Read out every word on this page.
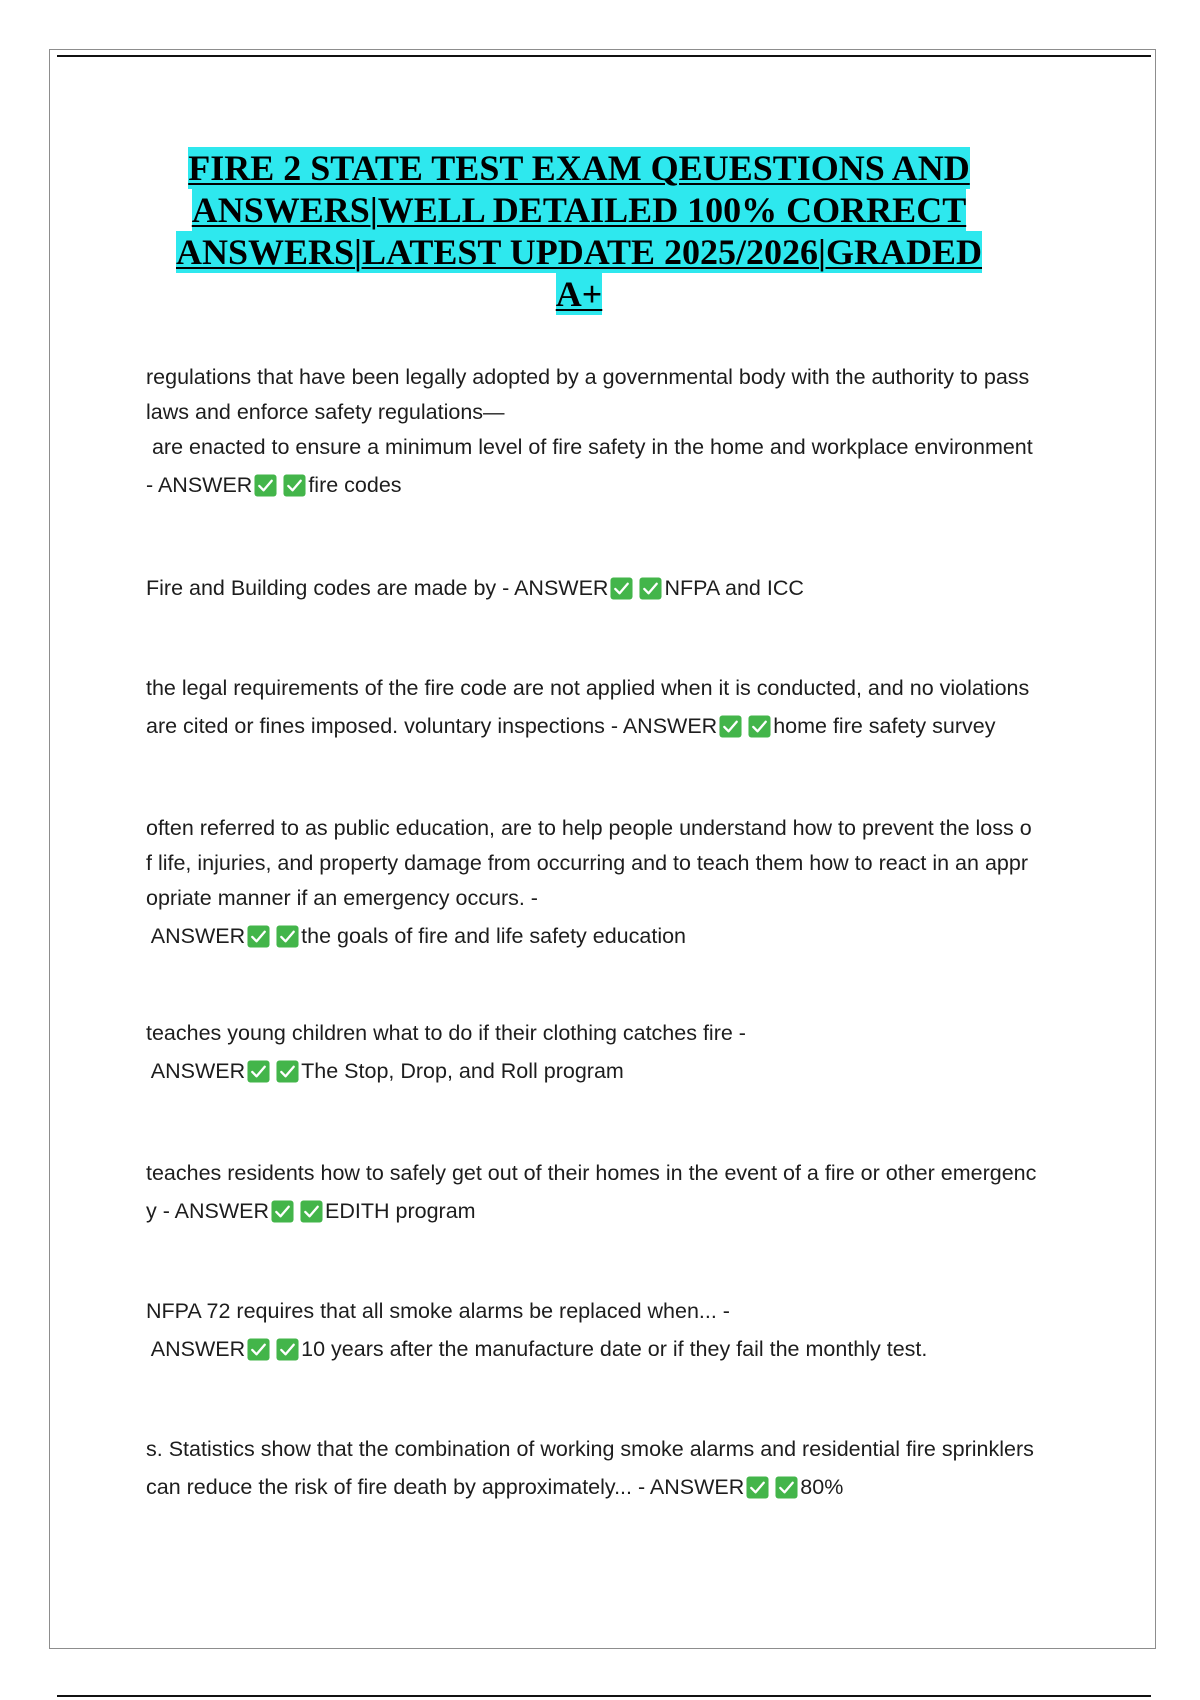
FIRE 2 STATE TEST EXAM QEUESTIONS AND
ANSWERS|WELL DETAILED 100% CORRECT
ANSWERS|LATEST UPDATE 2025/2026|GRADED
A+
regulations that have been legally adopted by a governmental body with the authority to pass
laws and enforce safety regulations—
are enacted to ensure a minimum level of fire safety in the home and workplace environment
- ANSWER	fire codes
Fire and Building codes are made by - ANSWER	NFPA and ICC
the legal requirements of the fire code are not applied when it is conducted, and no violations
are cited or fines imposed. voluntary inspections - ANSWER	home fire safety survey
often referred to as public education, are to help people understand how to prevent the loss o
f life, injuries, and property damage from occurring and to teach them how to react in an appr
opriate manner if an emergency occurs. -
ANSWER	the goals of fire and life safety education
teaches young children what to do if their clothing catches fire -
ANSWER	The Stop, Drop, and Roll program
teaches residents how to safely get out of their homes in the event of a fire or other emergenc
y - ANSWER	EDITH program
NFPA 72 requires that all smoke alarms be replaced when... -
ANSWER	10 years after the manufacture date or if they fail the monthly test.
s. Statistics show that the combination of working smoke alarms and residential fire sprinklers
can reduce the risk of fire death by approximately... - ANSWER	80%
